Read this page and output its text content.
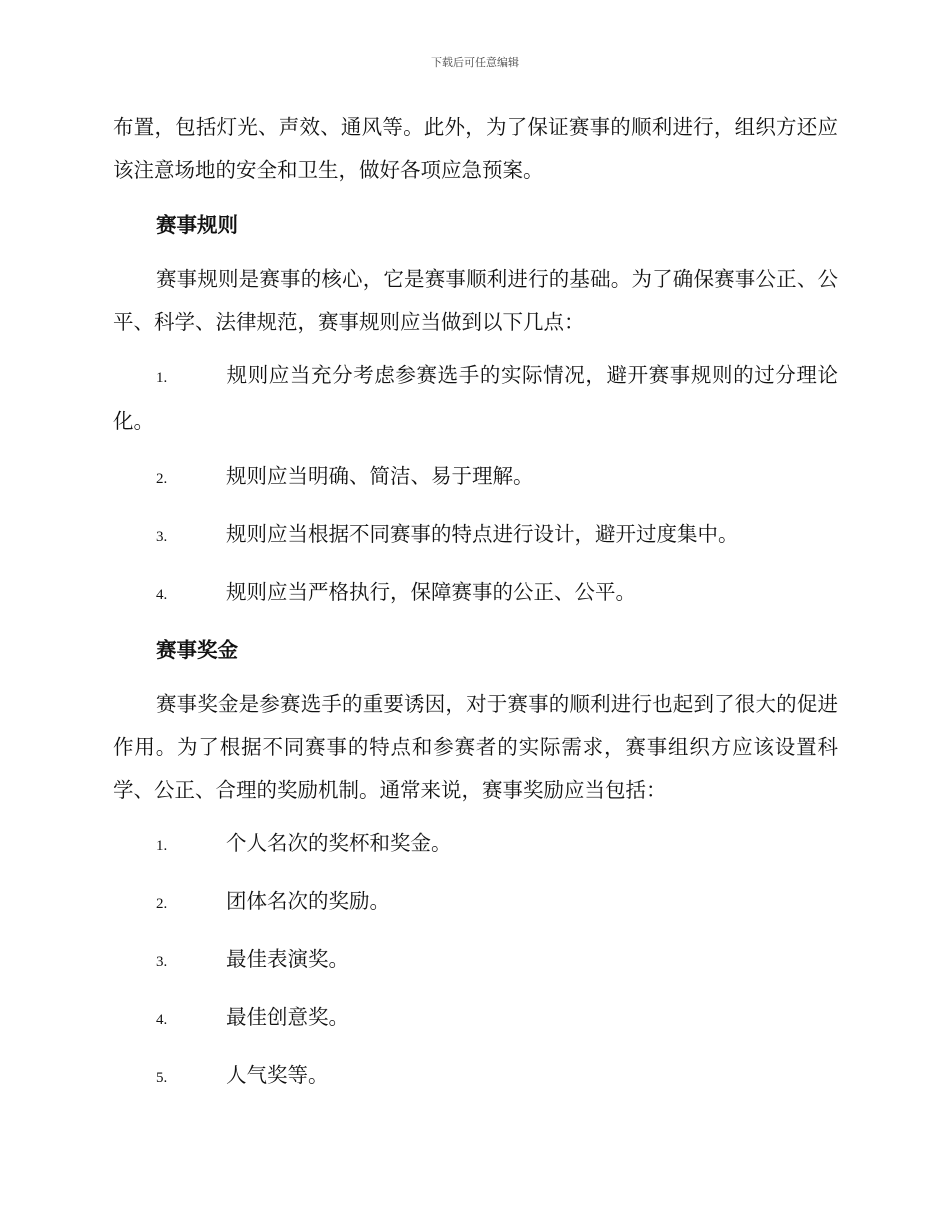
下载后可任意编辑

布置，包括灯光、声效、通风等。此外，为了保证赛事的顺利进行，组织方还应该注意场地的安全和卫生，做好各项应急预案。

赛事规则

赛事规则是赛事的核心，它是赛事顺利进行的基础。为了确保赛事公正、公平、科学、法律规范，赛事规则应当做到以下几点：

1.	规则应当充分考虑参赛选手的实际情况，避开赛事规则的过分理论化。

2.	规则应当明确、简洁、易于理解。

3.	规则应当根据不同赛事的特点进行设计，避开过度集中。

4.	规则应当严格执行，保障赛事的公正、公平。

赛事奖金

赛事奖金是参赛选手的重要诱因，对于赛事的顺利进行也起到了很大的促进作用。为了根据不同赛事的特点和参赛者的实际需求，赛事组织方应该设置科学、公正、合理的奖励机制。通常来说，赛事奖励应当包括：

1.	个人名次的奖杯和奖金。

2.	团体名次的奖励。

3.	最佳表演奖。

4.	最佳创意奖。

5.	人气奖等。
